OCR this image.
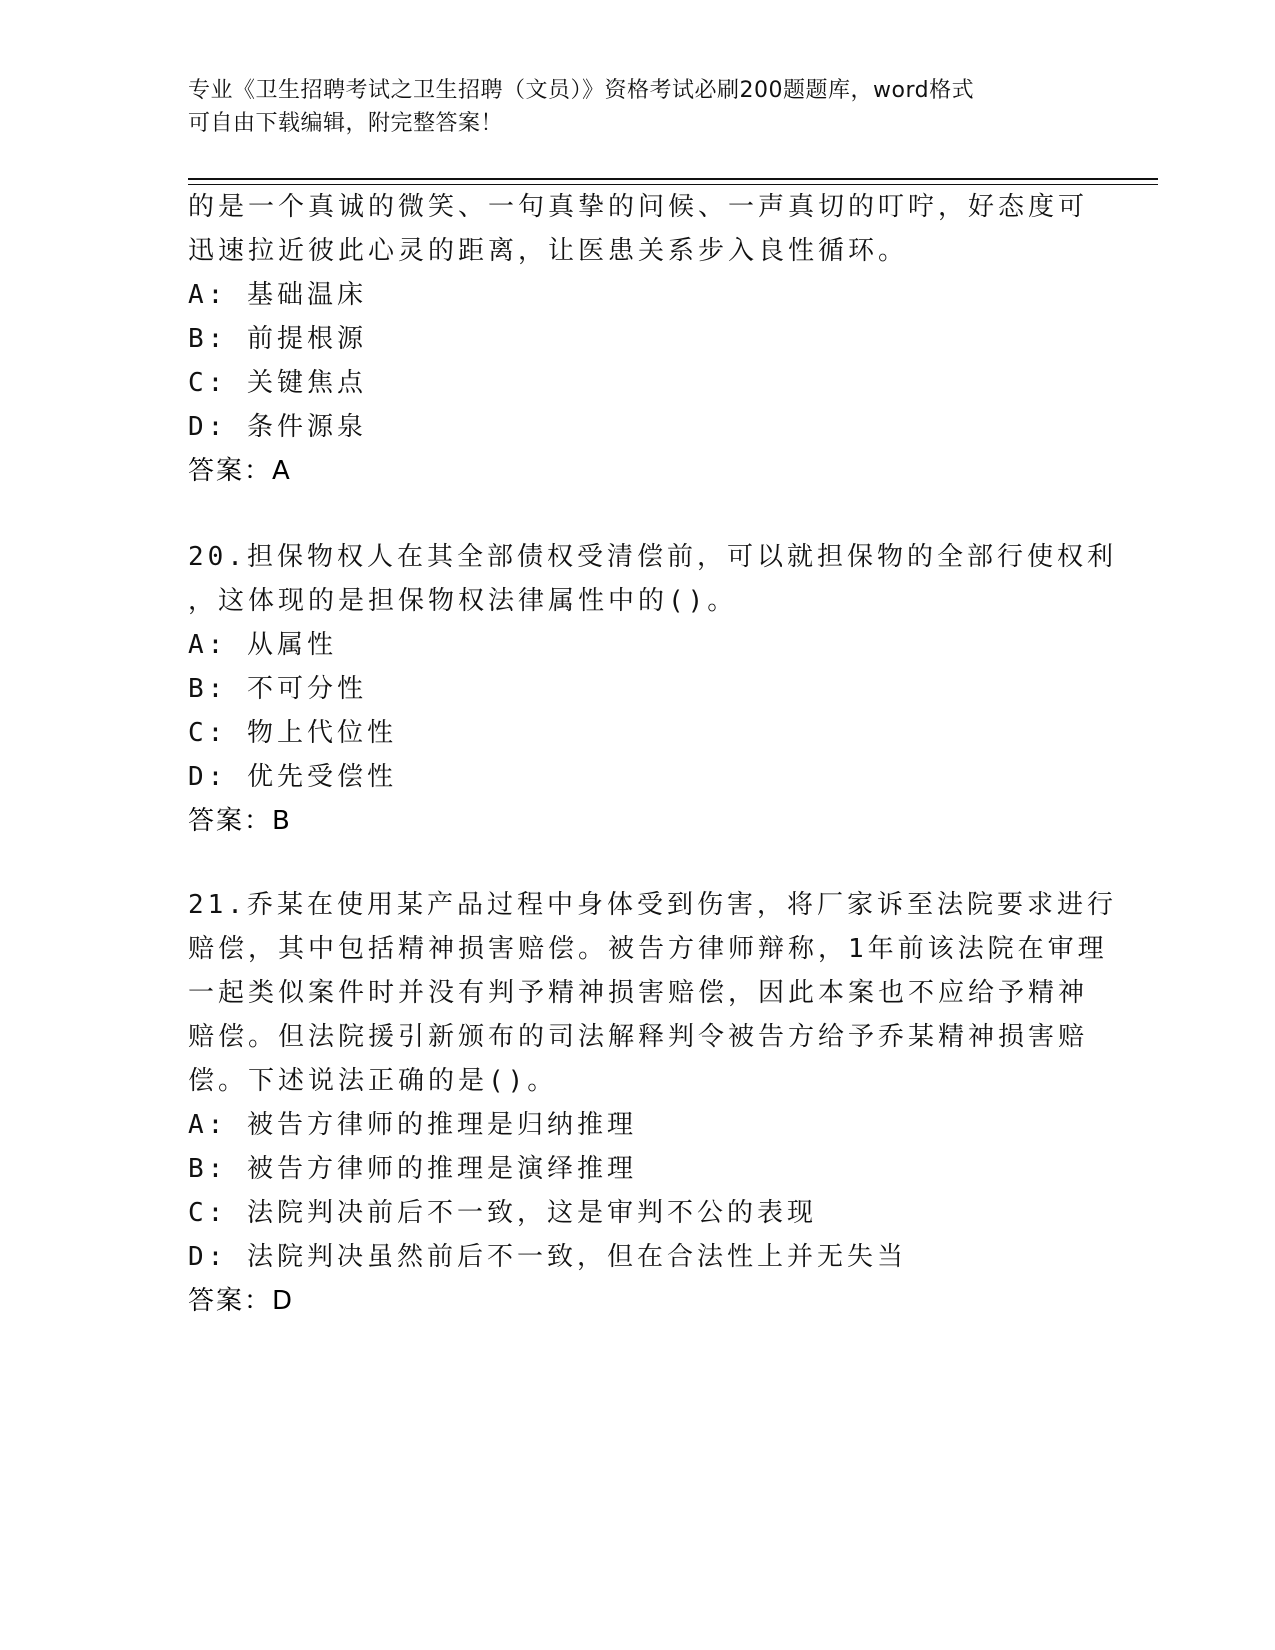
专业《卫生招聘考试之卫生招聘（文员）》资格考试必刷200题题库，word格式
可自由下载编辑，附完整答案！
的是一个真诚的微笑、一句真挚的问候、一声真切的叮咛，好态度可
迅速拉近彼此心灵的距离，让医患关系步入良性循环。
A: 基础温床
B: 前提根源
C: 关键焦点
D: 条件源泉
答案：A
20.担保物权人在其全部债权受清偿前，可以就担保物的全部行使权利
，这体现的是担保物权法律属性中的()。
A: 从属性
B: 不可分性
C: 物上代位性
D: 优先受偿性
答案：B
21.乔某在使用某产品过程中身体受到伤害，将厂家诉至法院要求进行
赔偿，其中包括精神损害赔偿。被告方律师辩称，1年前该法院在审理
一起类似案件时并没有判予精神损害赔偿，因此本案也不应给予精神
赔偿。但法院援引新颁布的司法解释判令被告方给予乔某精神损害赔
偿。下述说法正确的是()。
A: 被告方律师的推理是归纳推理
B: 被告方律师的推理是演绎推理
C: 法院判决前后不一致，这是审判不公的表现
D: 法院判决虽然前后不一致，但在合法性上并无失当
答案：D
